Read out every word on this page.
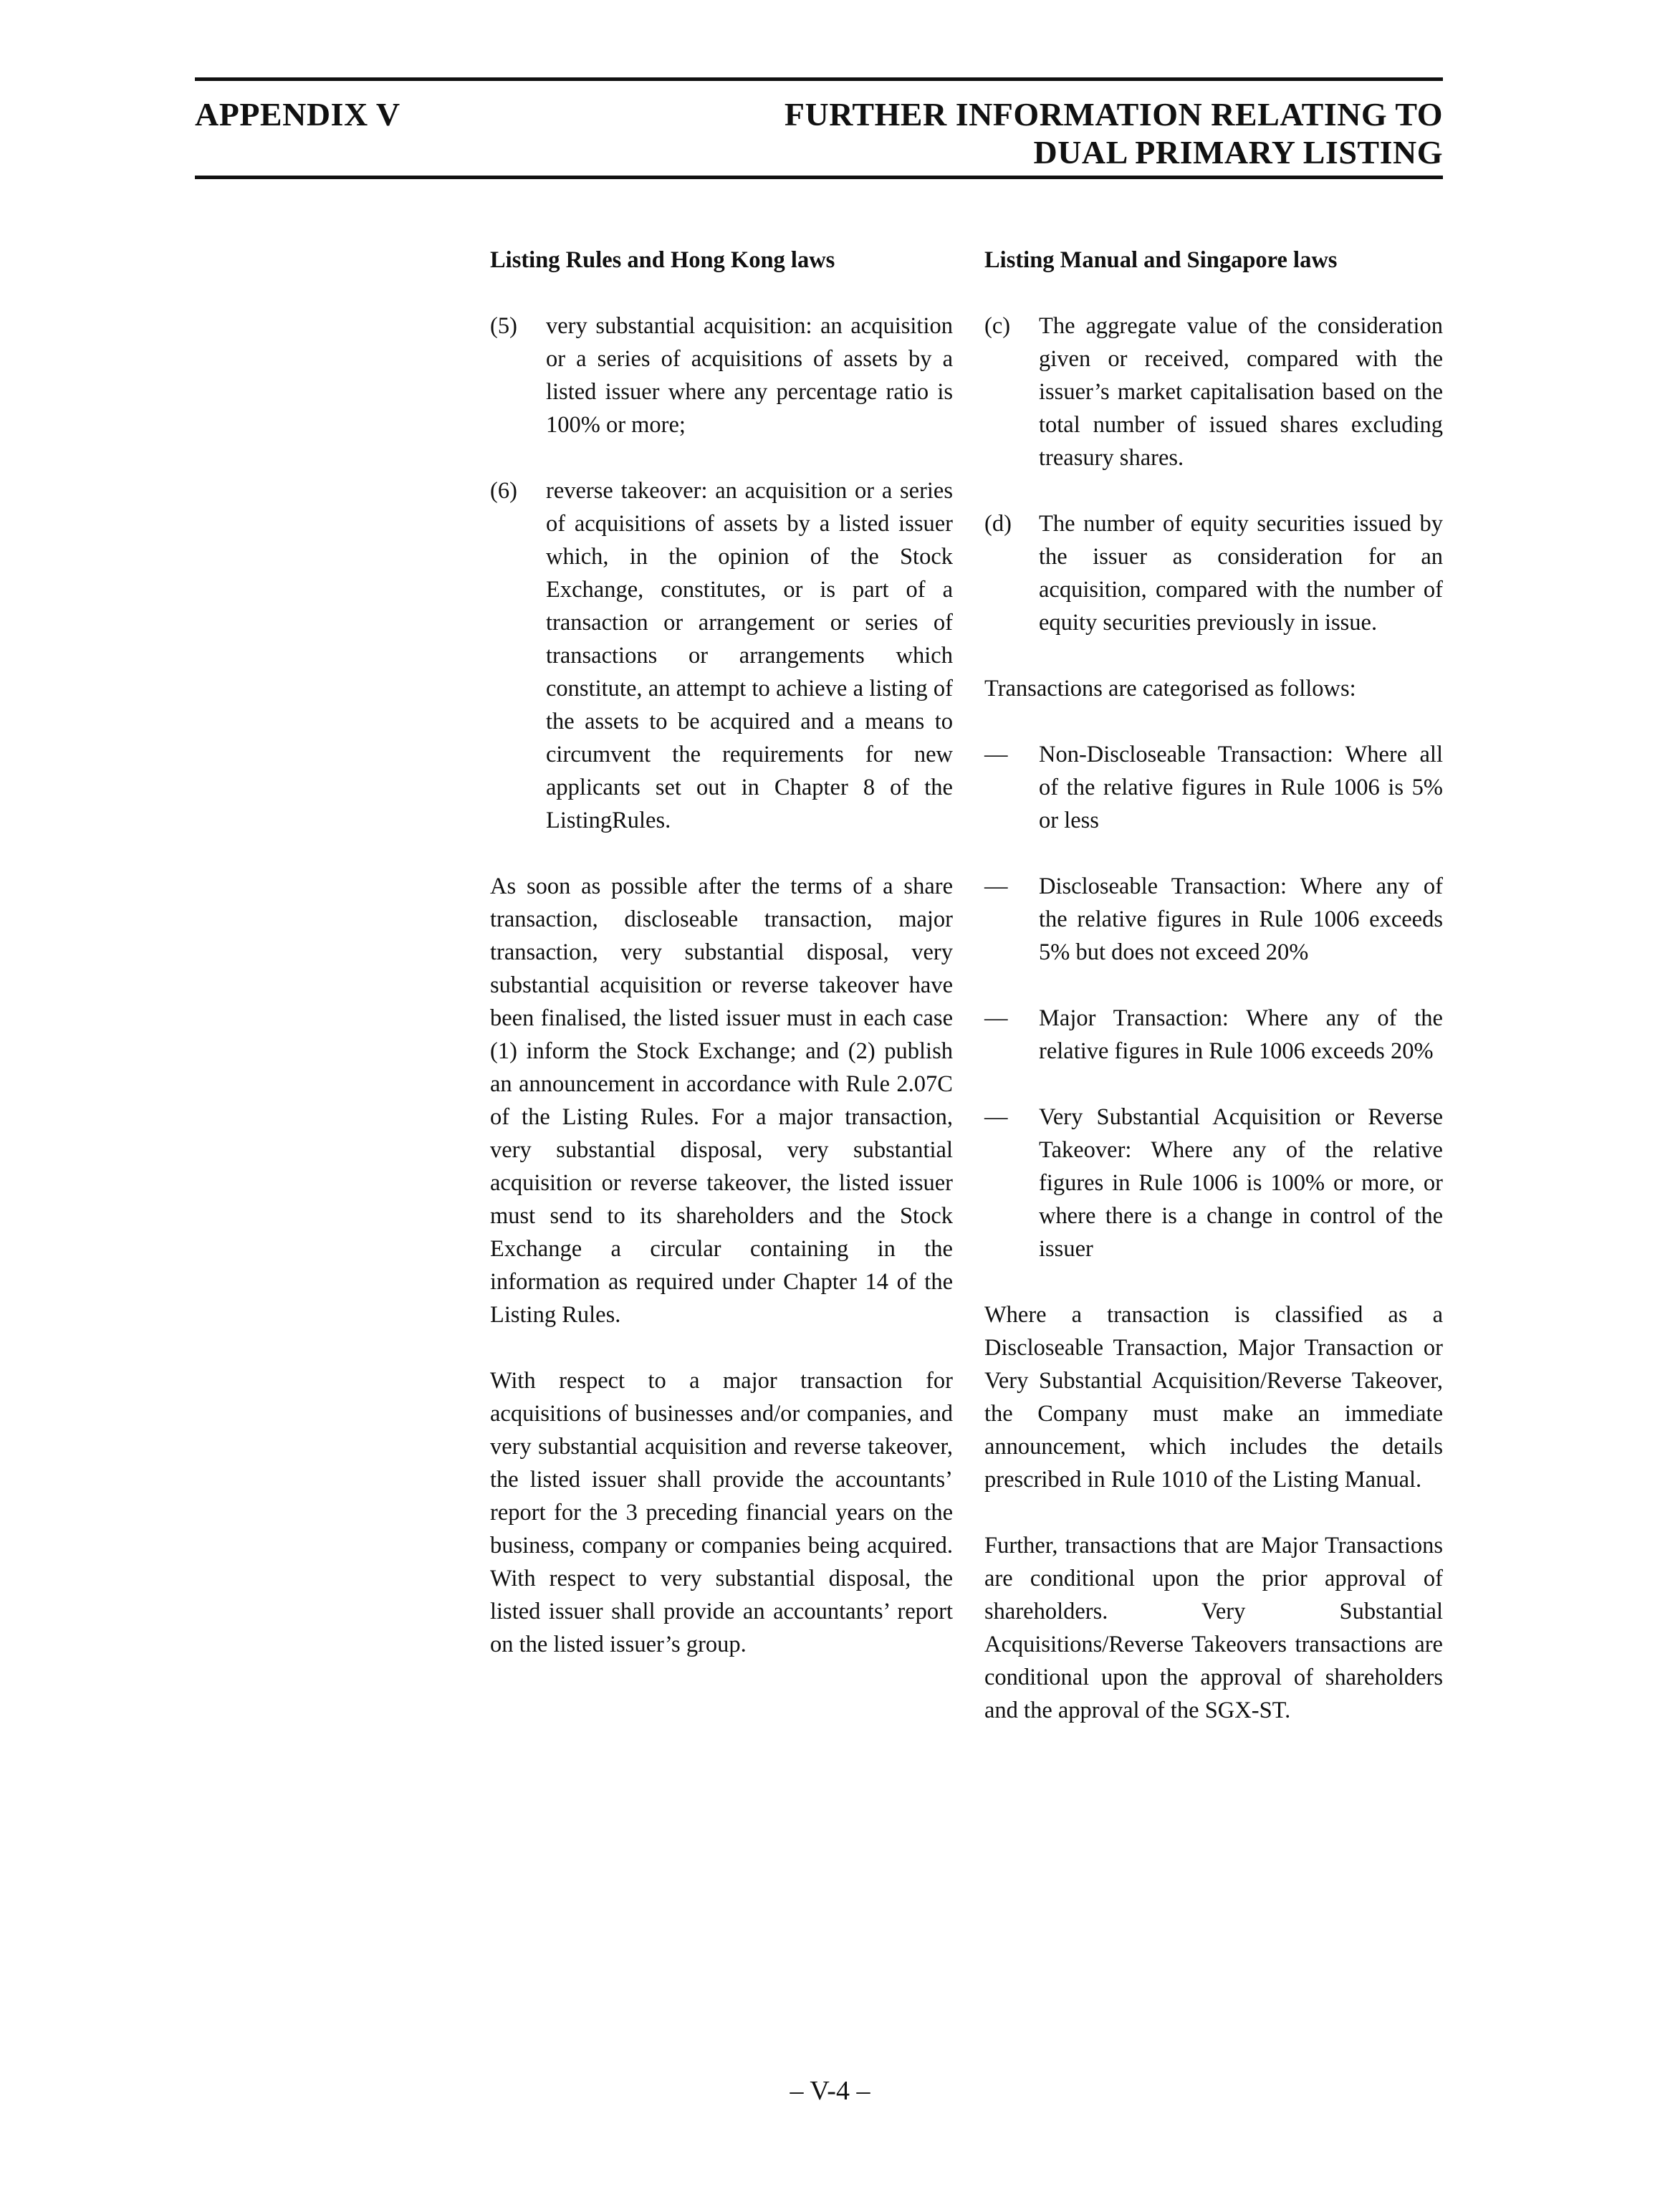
APPENDIX V	FURTHER INFORMATION RELATING TO
DUAL PRIMARY LISTING
Listing Rules and Hong Kong laws
(5)	very substantial acquisition: an acquisition or a series of acquisitions of assets by a listed issuer where any percentage ratio is 100% or more;
(6)	reverse takeover: an acquisition or a series of acquisitions of assets by a listed issuer which, in the opinion of the Stock Exchange, constitutes, or is part of a transaction or arrangement or series of transactions or arrangements which constitute, an attempt to achieve a listing of the assets to be acquired and a means to circumvent the requirements for new applicants set out in Chapter 8 of the ListingRules.

As soon as possible after the terms of a share transaction, discloseable transaction, major transaction, very substantial disposal, very substantial acquisition or reverse takeover have been finalised, the listed issuer must in each case (1) inform the Stock Exchange; and (2) publish an announcement in accordance with Rule 2.07C of the Listing Rules. For a major transaction, very substantial disposal, very substantial acquisition or reverse takeover, the listed issuer must send to its shareholders and the Stock Exchange a circular containing in the information as required under Chapter 14 of the Listing Rules.

With respect to a major transaction for acquisitions of businesses and/or companies, and very substantial acquisition and reverse takeover, the listed issuer shall provide the accountants’ report for the 3 preceding financial years on the business, company or companies being acquired. With respect to very substantial disposal, the listed issuer shall provide an accountants’ report on the listed issuer’s group.

Listing Manual and Singapore laws
(c)	The aggregate value of the consideration given or received, compared with the issuer’s market capitalisation based on the total number of issued shares excluding treasury shares.
(d)	The number of equity securities issued by the issuer as consideration for an acquisition, compared with the number of equity securities previously in issue.

Transactions are categorised as follows:

—	Non-Discloseable Transaction: Where all of the relative figures in Rule 1006 is 5% or less
—	Discloseable Transaction: Where any of the relative figures in Rule 1006 exceeds 5% but does not exceed 20%
—	Major Transaction: Where any of the relative figures in Rule 1006 exceeds 20%
—	Very Substantial Acquisition or Reverse Takeover: Where any of the relative figures in Rule 1006 is 100% or more, or where there is a change in control of the issuer

Where a transaction is classified as a Discloseable Transaction, Major Transaction or Very Substantial Acquisition/Reverse Takeover, the Company must make an immediate announcement, which includes the details prescribed in Rule 1010 of the Listing Manual.

Further, transactions that are Major Transactions are conditional upon the prior approval of shareholders. Very Substantial Acquisitions/Reverse Takeovers transactions are conditional upon the approval of shareholders and the approval of the SGX-ST.

– V-4 –
